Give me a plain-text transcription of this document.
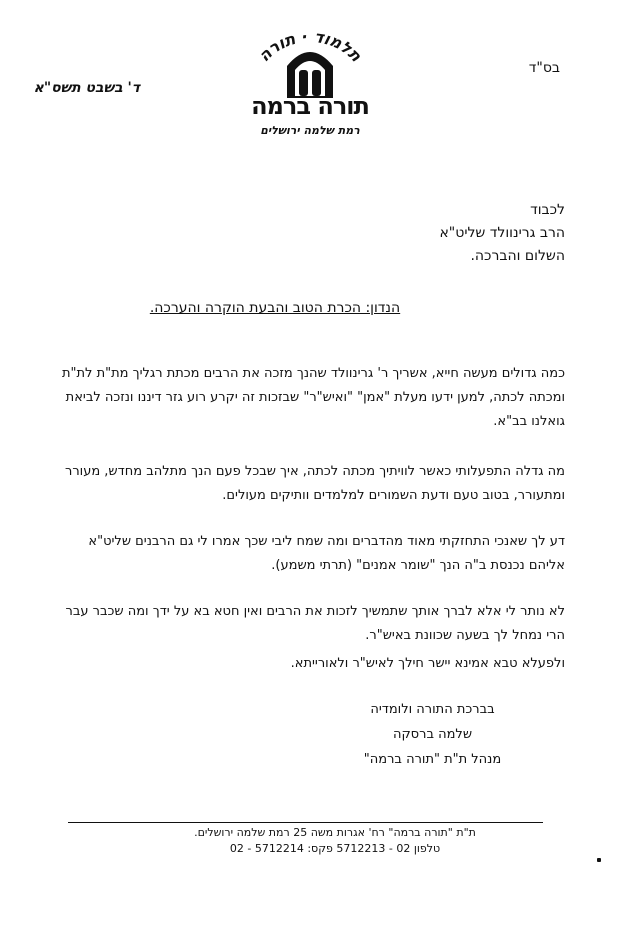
בס"ד
ד' בשבט תשס"א
תלמוד · תורה
תורה ברמה
רמת שלמה ירושלים
לכבוד
הרב גרינוולד שליט"א
השלום והברכה.
הנדון: הכרת הטוב והבעת הוקרה והערכה.
כמה גדולים מעשה חייא, אשריך ר' גרינוולד שהנך מזכה את הרבים מכתת רגליך מת"ת לת"ת ומכתה לכתה, למען ידעו מעלת "אמן" "ואיש"ר" שבזכות זה יקרע רוע גזר דיננו ונזכה לביאת גואלנו בב"א.
מה גדלה התפעלותי כאשר לוויתיך מכתה לכתה, איך שבכל פעם הנך מתלהב מחדש, מעורר ומתעורר, בטוב טעם ודעת השמורים למלמדים וותיקים מעולים.
דע לך שאנכי התחזקתי מאוד מהדברים ומה שמח ליבי שכך אמרו לי גם הרבנים שליט"א אליהם נכנסת ב"ה הנך "שומר אמנים" (תרתי משמע).
לא נותר לי אלא לברך אותך שתמשיך לזכות את הרבים ואין חטא בא על ידך ומה שכבר עבר הרי נמחל לך בשעה שכוונת באיש"ר.
ולפעלא טבא אמינא יישר חילך לאיש"ר ולאורייתא.
בברכת התורה ולומדיה
שלמה ברסקה
מנהל ת"ת "תורה ברמה"
ת"ת "תורה ברמה" רח' אגרות משה 25 רמת שלמה ירושלים.
טלפון 02 - 5712213 פקס: 5712214 - 02
